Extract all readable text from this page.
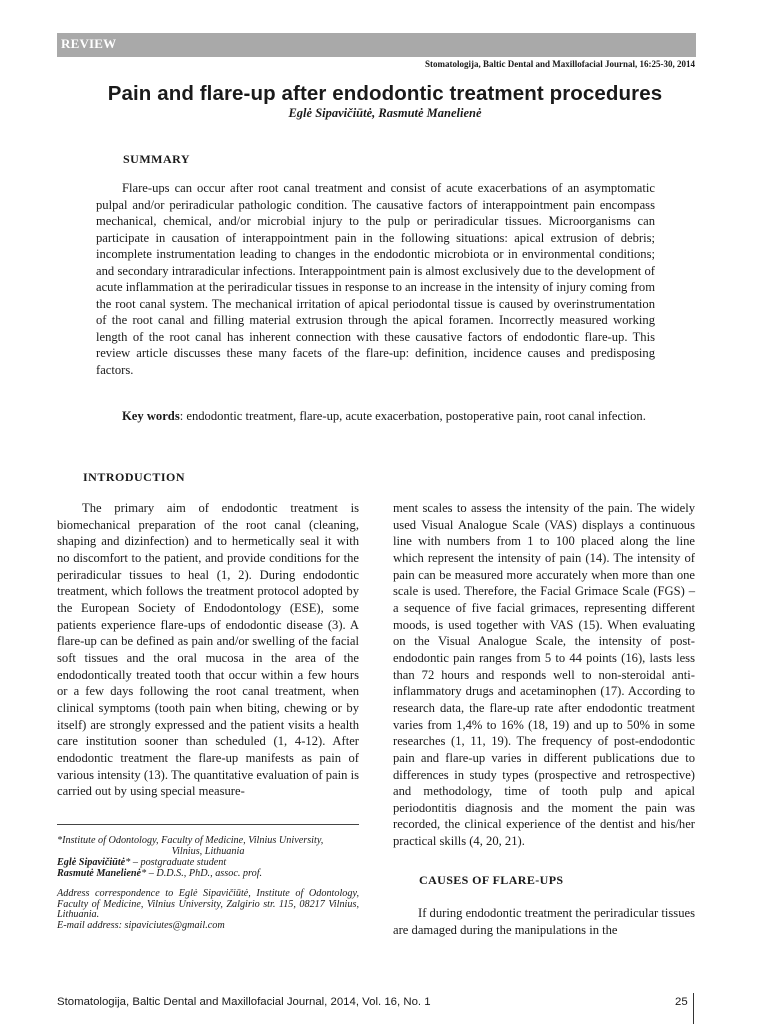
REVIEW
Stomatologija, Baltic Dental and Maxillofacial Journal, 16:25-30, 2014
Pain and flare-up after endodontic treatment procedures
Eglė Sipavičiūtė, Rasmutė Manelienė
SUMMARY

Flare-ups can occur after root canal treatment and consist of acute exacerbations of an asymptomatic pulpal and/or periradicular pathologic condition. The causative factors of interappointment pain encompass mechanical, chemical, and/or microbial injury to the pulp or periradicular tissues. Microorganisms can participate in causation of interappointment pain in the following situations: apical extrusion of debris; incomplete instrumentation leading to changes in the endodontic microbiota or in environmental conditions; and secondary intraradicular infections. Interappointment pain is almost exclusively due to the development of acute inflammation at the periradicular tissues in response to an increase in the intensity of injury coming from the root canal system. The mechanical irritation of apical periodontal tissue is caused by overinstrumentation of the root canal and filling material extrusion through the apical foramen. Incorrectly measured working length of the root canal has inherent connection with these causative factors of endodontic flare-up. This review article discusses these many facets of the flare-up: definition, incidence causes and predisposing factors.

Key words: endodontic treatment, flare-up, acute exacerbation, postoperative pain, root canal infection.

INTRODUCTION

The primary aim of endodontic treatment is biomechanical preparation of the root canal (cleaning, shaping and dizinfection) and to hermetically seal it with no discomfort to the patient, and provide conditions for the periradicular tissues to heal (1, 2). During endodontic treatment, which follows the treatment protocol adopted by the European Society of Endodontology (ESE), some patients experience flare-ups of endodontic disease (3). A flare-up can be defined as pain and/or swelling of the facial soft tissues and the oral mucosa in the area of the endodontically treated tooth that occur within a few hours or a few days following the root canal treatment, when clinical symptoms (tooth pain when biting, chewing or by itself) are strongly expressed and the patient visits a health care institution sooner than scheduled (1, 4-12). After endodontic treatment the flare-up manifests as pain of various intensity (13). The quantitative evaluation of pain is carried out by using special measure-

ment scales to assess the intensity of the pain. The widely used Visual Analogue Scale (VAS) displays a continuous line with numbers from 1 to 100 placed along the line which represent the intensity of pain (14). The intensity of pain can be measured more accurately when more than one scale is used. Therefore, the Facial Grimace Scale (FGS) – a sequence of five facial grimaces, representing different moods, is used together with VAS (15). When evaluating on the Visual Analogue Scale, the intensity of post-endodontic pain ranges from 5 to 44 points (16), lasts less than 72 hours and responds well to non-steroidal anti-inflammatory drugs and acetaminophen (17). According to research data, the flare-up rate after endodontic treatment varies from 1,4% to 16% (18, 19) and up to 50% in some researches (1, 11, 19). The frequency of post-endodontic pain and flare-up varies in different publications due to differences in study types (prospective and retrospective) and methodology, time of tooth pulp and apical periodontitis diagnosis and the moment the pain was recorded, the clinical experience of the dentist and his/her practical skills (4, 20, 21).

CAUSES OF FLARE-UPS

If during endodontic treatment the periradicular tissues are damaged during the manipulations in the

*Institute of Odontology, Faculty of Medicine, Vilnius University,
Vilnius, Lithuania
Eglė Sipavičiūtė* – postgraduate student
Rasmutė Manelienė* – D.D.S., PhD., assoc. prof.
Address correspondence to Eglė Sipavičiūtė, Institute of Odontology, Faculty of Medicine, Vilnius University, Zalgirio str. 115, 08217 Vilnius, Lithuania.
E-mail address: sipaviciutes@gmail.com
Stomatologija, Baltic Dental and Maxillofacial Journal, 2014, Vol. 16, No. 1	25
